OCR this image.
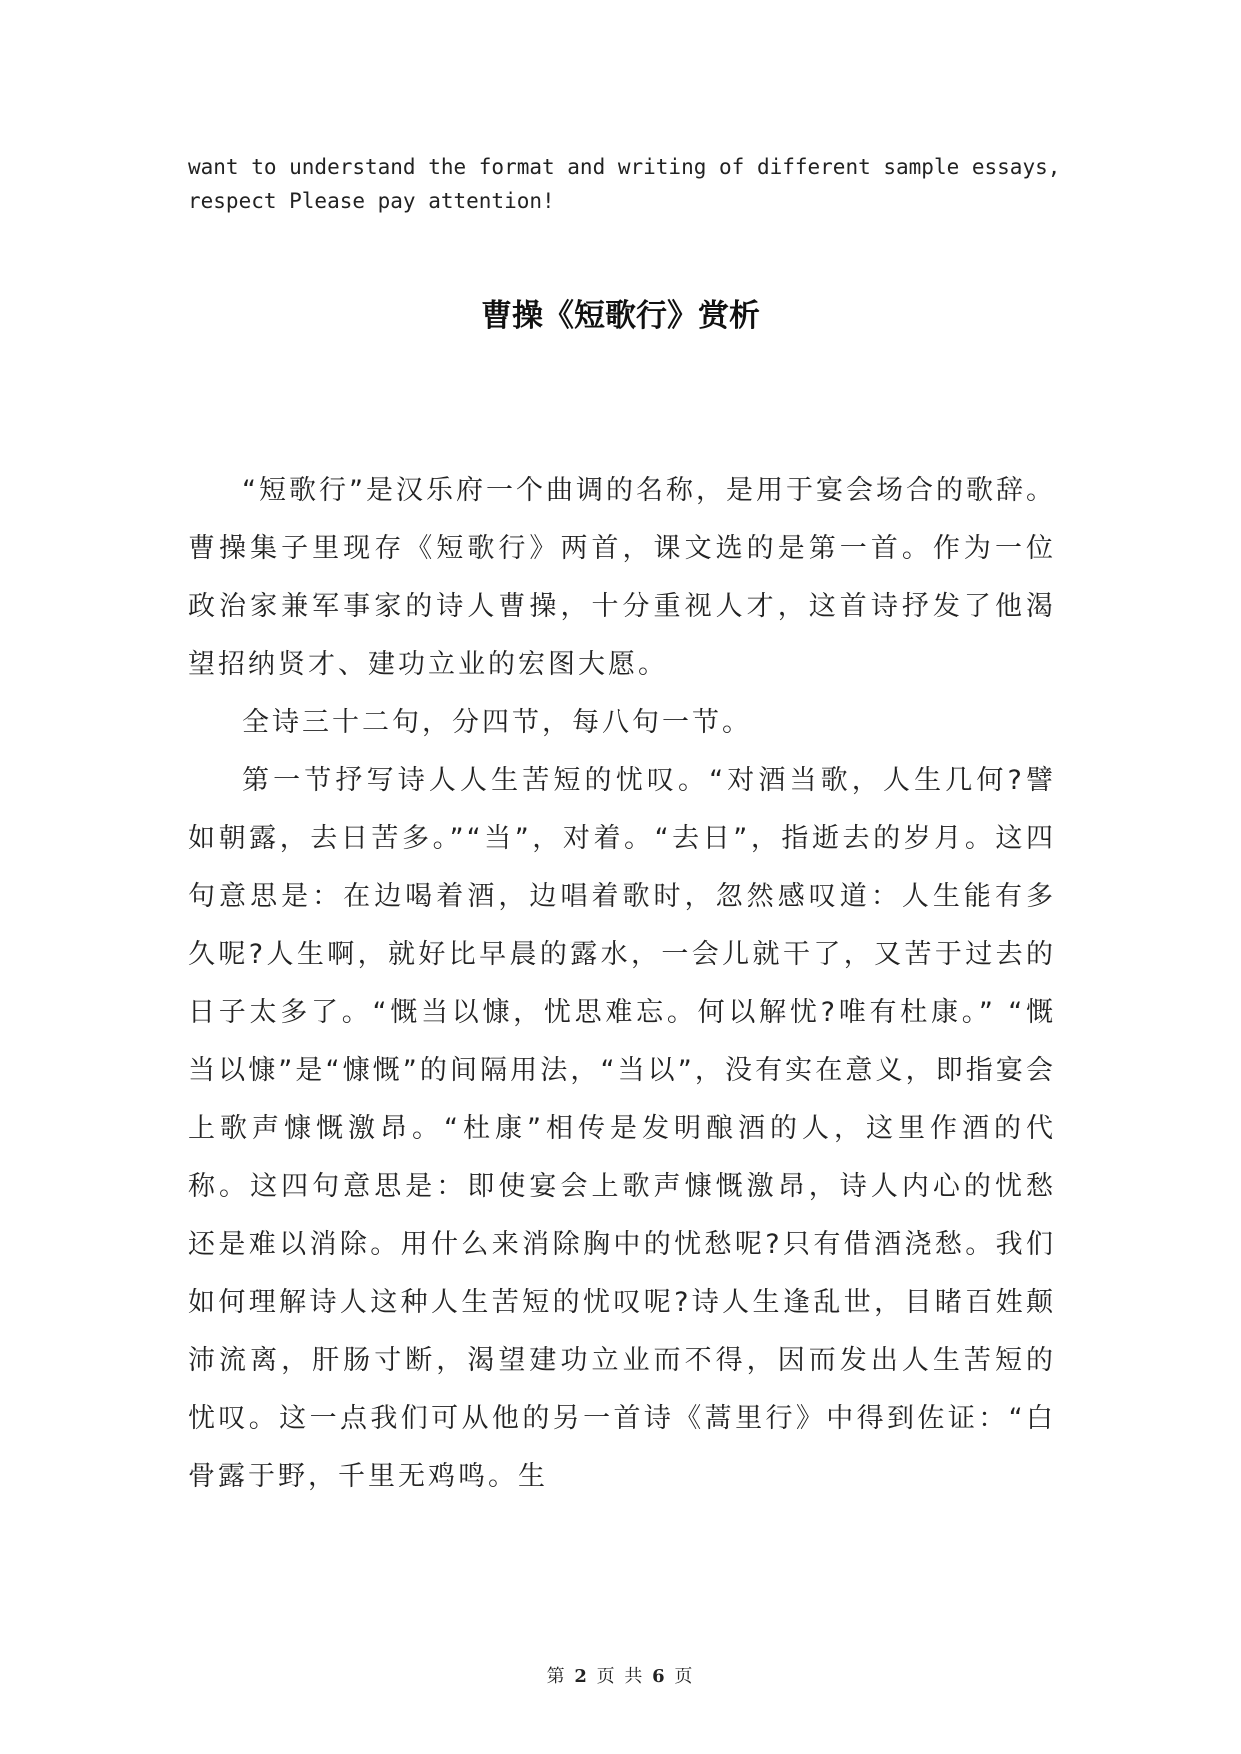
want to understand the format and writing of different sample essays,
respect Please pay attention!
曹操《短歌行》赏析

“短歌行”是汉乐府一个曲调的名称，是用于宴会场合的歌辞。曹操集子里现存《短歌行》两首，课文选的是第一首。作为一位政治家兼军事家的诗人曹操，十分重视人才，这首诗抒发了他渴望招纳贤才、建功立业的宏图大愿。

全诗三十二句，分四节，每八句一节。

第一节抒写诗人人生苦短的忧叹。“对酒当歌，人生几何?譬如朝露，去日苦多。”“当”，对着。“去日”，指逝去的岁月。这四句意思是：在边喝着酒，边唱着歌时，忽然感叹道：人生能有多久呢?人生啊，就好比早晨的露水，一会儿就干了，又苦于过去的日子太多了。“慨当以慷，忧思难忘。何以解忧?唯有杜康。” “慨当以慷”是“慷慨”的间隔用法，“当以”，没有实在意义，即指宴会上歌声慷慨激昂。“杜康”相传是发明酿酒的人，这里作酒的代称。这四句意思是：即使宴会上歌声慷慨激昂，诗人内心的忧愁还是难以消除。用什么来消除胸中的忧愁呢?只有借酒浇愁。我们如何理解诗人这种人生苦短的忧叹呢?诗人生逢乱世，目睹百姓颠沛流离，肝肠寸断，渴望建功立业而不得，因而发出人生苦短的忧叹。这一点我们可从他的另一首诗《蒿里行》中得到佐证：“白骨露于野，千里无鸡鸣。生

第 2 页 共 6 页
